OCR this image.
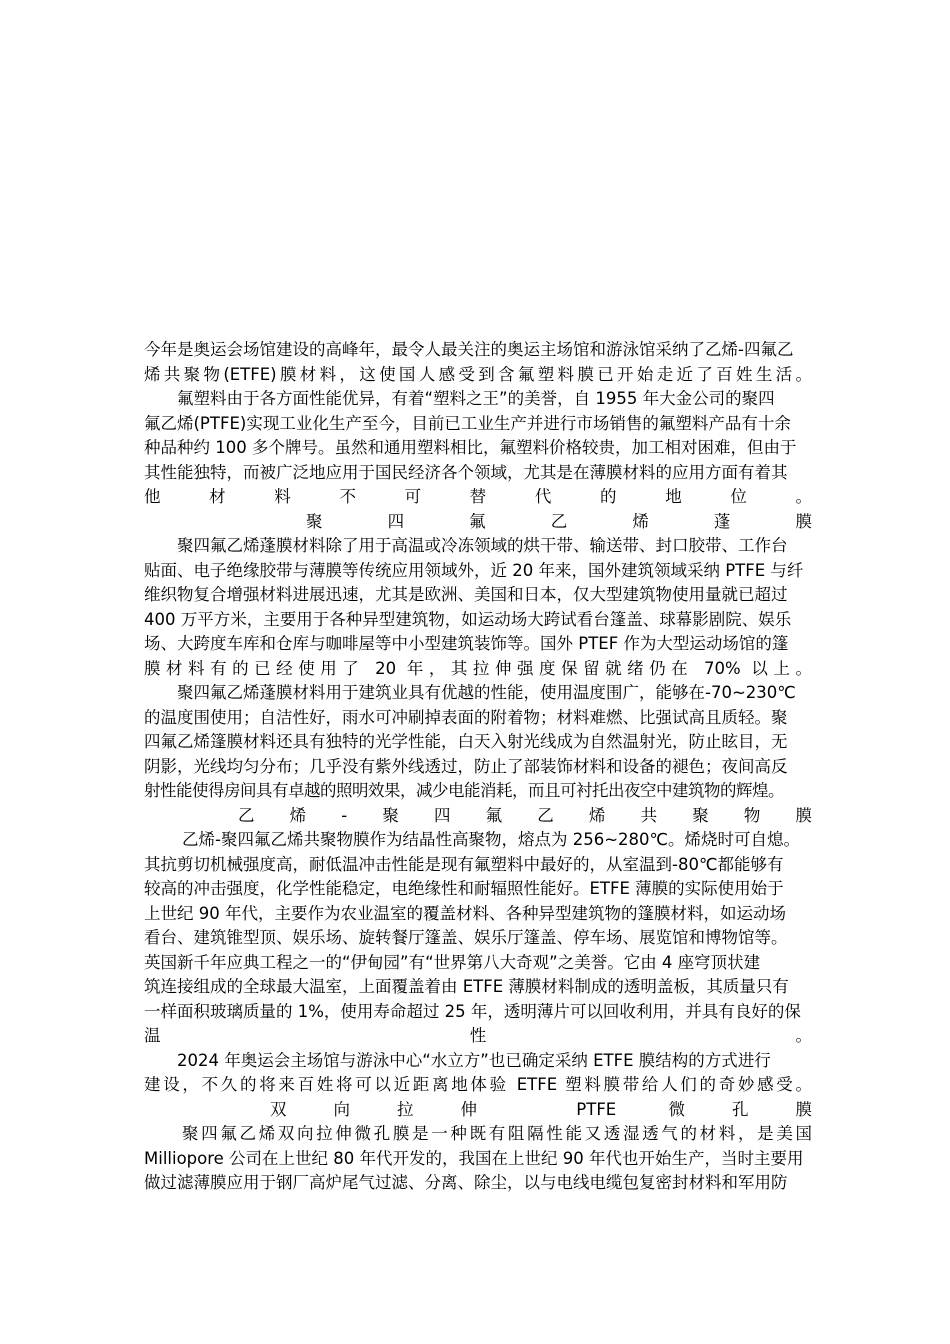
今年是奥运会场馆建设的高峰年，最令人最关注的奥运主场馆和游泳馆采纳了乙烯-四氟乙
烯共聚物(ETFE)膜材料，这使国人感受到含氟塑料膜已开始走近了百姓生活。
氟塑料由于各方面性能优异，有着“塑料之王”的美誉，自 1955 年大金公司的聚四
氟乙烯(PTFE)实现工业化生产至今，目前已工业生产并进行市场销售的氟塑料产品有十余
种品种约 100 多个牌号。虽然和通用塑料相比，氟塑料价格较贵，加工相对困难，但由于
其性能独特，而被广泛地应用于国民经济各个领域，尤其是在薄膜材料的应用方面有着其
他材料不可替代的地位。
聚四氟乙烯蓬膜
聚四氟乙烯蓬膜材料除了用于高温或冷冻领域的烘干带、输送带、封口胶带、工作台
贴面、电子绝缘胶带与薄膜等传统应用领域外，近 20 年来，国外建筑领域采纳 PTFE 与纤
维织物复合增强材料进展迅速，尤其是欧洲、美国和日本，仅大型建筑物使用量就已超过
400 万平方米，主要用于各种异型建筑物，如运动场大跨试看台篷盖、球幕影剧院、娱乐
场、大跨度车库和仓库与咖啡屋等中小型建筑装饰等。国外 PTEF 作为大型运动场馆的篷
膜材料有的已经使用了 20 年，其拉伸强度保留就绪仍在 70% 以上。
聚四氟乙烯蓬膜材料用于建筑业具有优越的性能，使用温度围广，能够在-70~230℃
的温度围使用；自洁性好，雨水可冲刷掉表面的附着物；材料难燃、比强试高且质轻。聚
四氟乙烯篷膜材料还具有独特的光学性能，白天入射光线成为自然温射光，防止眩目，无
阴影，光线均匀分布；几乎没有紫外线透过，防止了部装饰材料和设备的褪色；夜间高反
射性能使得房间具有卓越的照明效果，减少电能消耗，而且可衬托出夜空中建筑物的辉煌。
乙烯-聚四氟乙烯共聚物膜
乙烯-聚四氟乙烯共聚物膜作为结晶性高聚物，熔点为 256~280℃。烯烧时可自熄。
其抗剪切机械强度高，耐低温冲击性能是现有氟塑料中最好的，从室温到-80℃都能够有
较高的冲击强度，化学性能稳定，电绝缘性和耐辐照性能好。ETFE 薄膜的实际使用始于
上世纪 90 年代，主要作为农业温室的覆盖材料、各种异型建筑物的篷膜材料，如运动场
看台、建筑锥型顶、娱乐场、旋转餐厅篷盖、娱乐厅篷盖、停车场、展览馆和博物馆等。
英国新千年应典工程之一的“伊甸园”有“世界第八大奇观”之美誉。它由 4 座穹顶状建
筑连接组成的全球最大温室，上面覆盖着由 ETFE 薄膜材料制成的透明盖板，其质量只有
一样面积玻璃质量的 1%，使用寿命超过 25 年，透明薄片可以回收利用，并具有良好的保
温性。
2024 年奥运会主场馆与游泳中心“水立方”也已确定采纳 ETFE 膜结构的方式进行
建设，不久的将来百姓将可以近距离地体验 ETFE 塑料膜带给人们的奇妙感受。
双向拉伸 PTFE 微孔膜
聚四氟乙烯双向拉伸微孔膜是一种既有阻隔性能又透湿透气的材料，是美国
Milliopore 公司在上世纪 80 年代开发的，我国在上世纪 90 年代也开始生产，当时主要用
做过滤薄膜应用于钢厂高炉尾气过滤、分离、除尘，以与电线电缆包复密封材料和军用防
